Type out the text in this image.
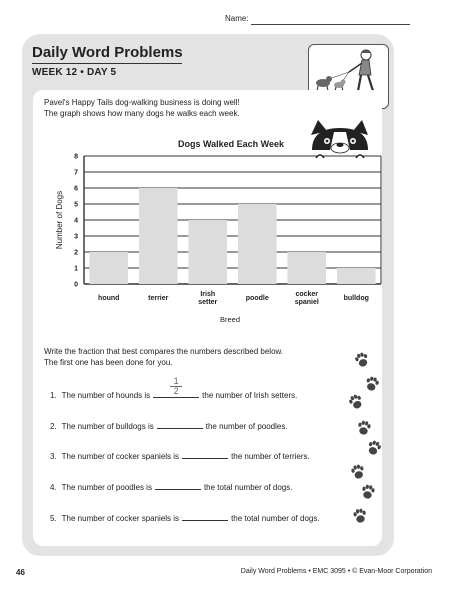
Name:
Daily Word Problems
WEEK 12 • DAY 5
Pavel's Happy Tails dog-walking business is doing well!
The graph shows how many dogs he walks each week.
Dogs Walked Each Week
Number of Dogs
Breed
0
1
2
3
4
5
6
7
8
hound	terrier
Irish setter
poodle
cocker spaniel
bulldog
Write the fraction that best compares the numbers described below.
The first one has been done for you.
1. The number of hounds is
1
2	the number of Irish setters.
2. The number of bulldogs is	the number of poodles.
3. The number of cocker spaniels is	the number of terriers.
4. The number of poodles is	the total number of dogs.
5. The number of cocker spaniels is	the total number of dogs.
46	Daily Word Problems • EMC 3095 • © Evan-Moor Corporation
